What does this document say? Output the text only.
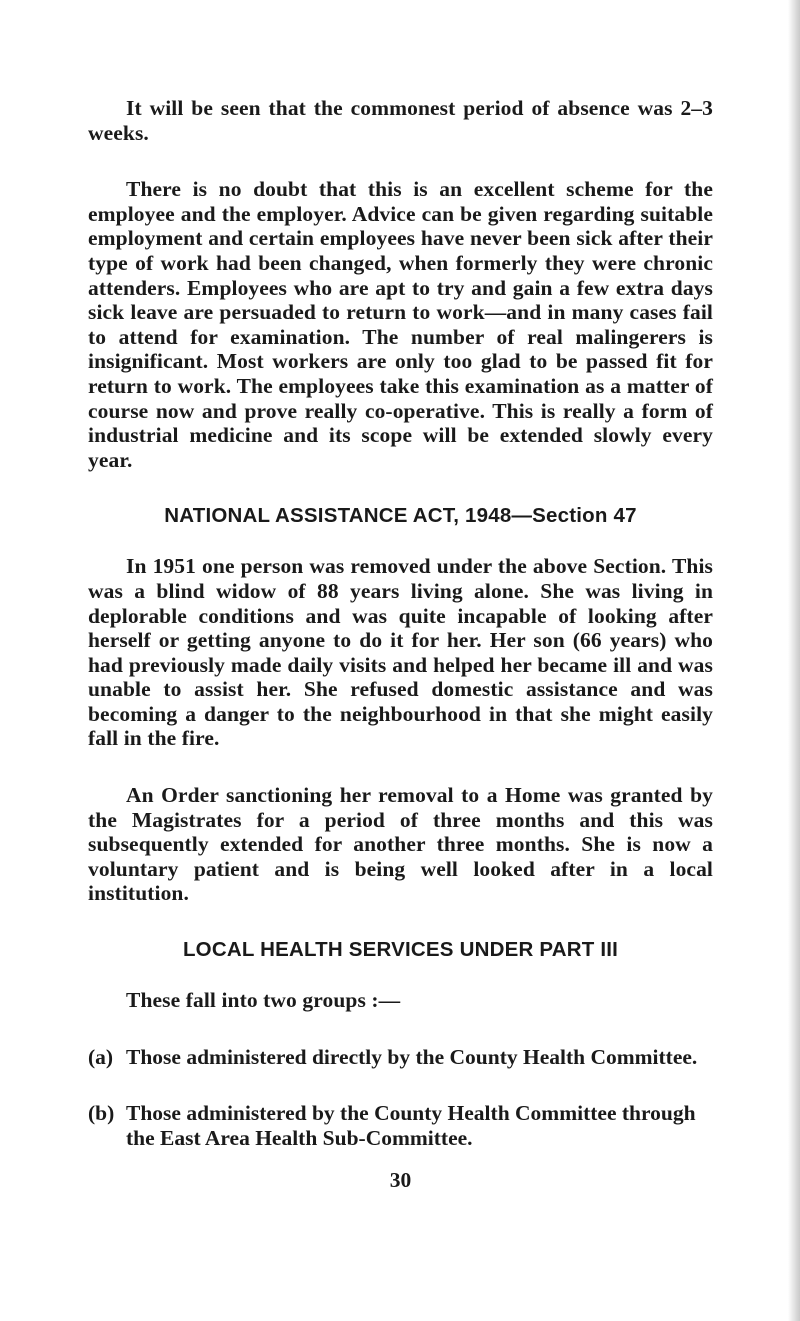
It will be seen that the commonest period of absence was 2–3 weeks.

There is no doubt that this is an excellent scheme for the employee and the employer. Advice can be given regarding suitable employment and certain employees have never been sick after their type of work had been changed, when formerly they were chronic attenders. Employees who are apt to try and gain a few extra days sick leave are persuaded to return to work—and in many cases fail to attend for examination. The number of real malingerers is insignificant. Most workers are only too glad to be passed fit for return to work. The employees take this examination as a matter of course now and prove really co-operative. This is really a form of industrial medicine and its scope will be extended slowly every year.

NATIONAL ASSISTANCE ACT, 1948—Section 47

In 1951 one person was removed under the above Section. This was a blind widow of 88 years living alone. She was living in deplorable conditions and was quite incapable of looking after herself or getting anyone to do it for her. Her son (66 years) who had previously made daily visits and helped her became ill and was unable to assist her. She refused domestic assistance and was becoming a danger to the neighbourhood in that she might easily fall in the fire.

An Order sanctioning her removal to a Home was granted by the Magistrates for a period of three months and this was subsequently extended for another three months. She is now a voluntary patient and is being well looked after in a local institution.

LOCAL HEALTH SERVICES UNDER PART III

These fall into two groups :—

(a) Those administered directly by the County Health Committee.
(b) Those administered by the County Health Committee through the East Area Health Sub-Committee.
30
